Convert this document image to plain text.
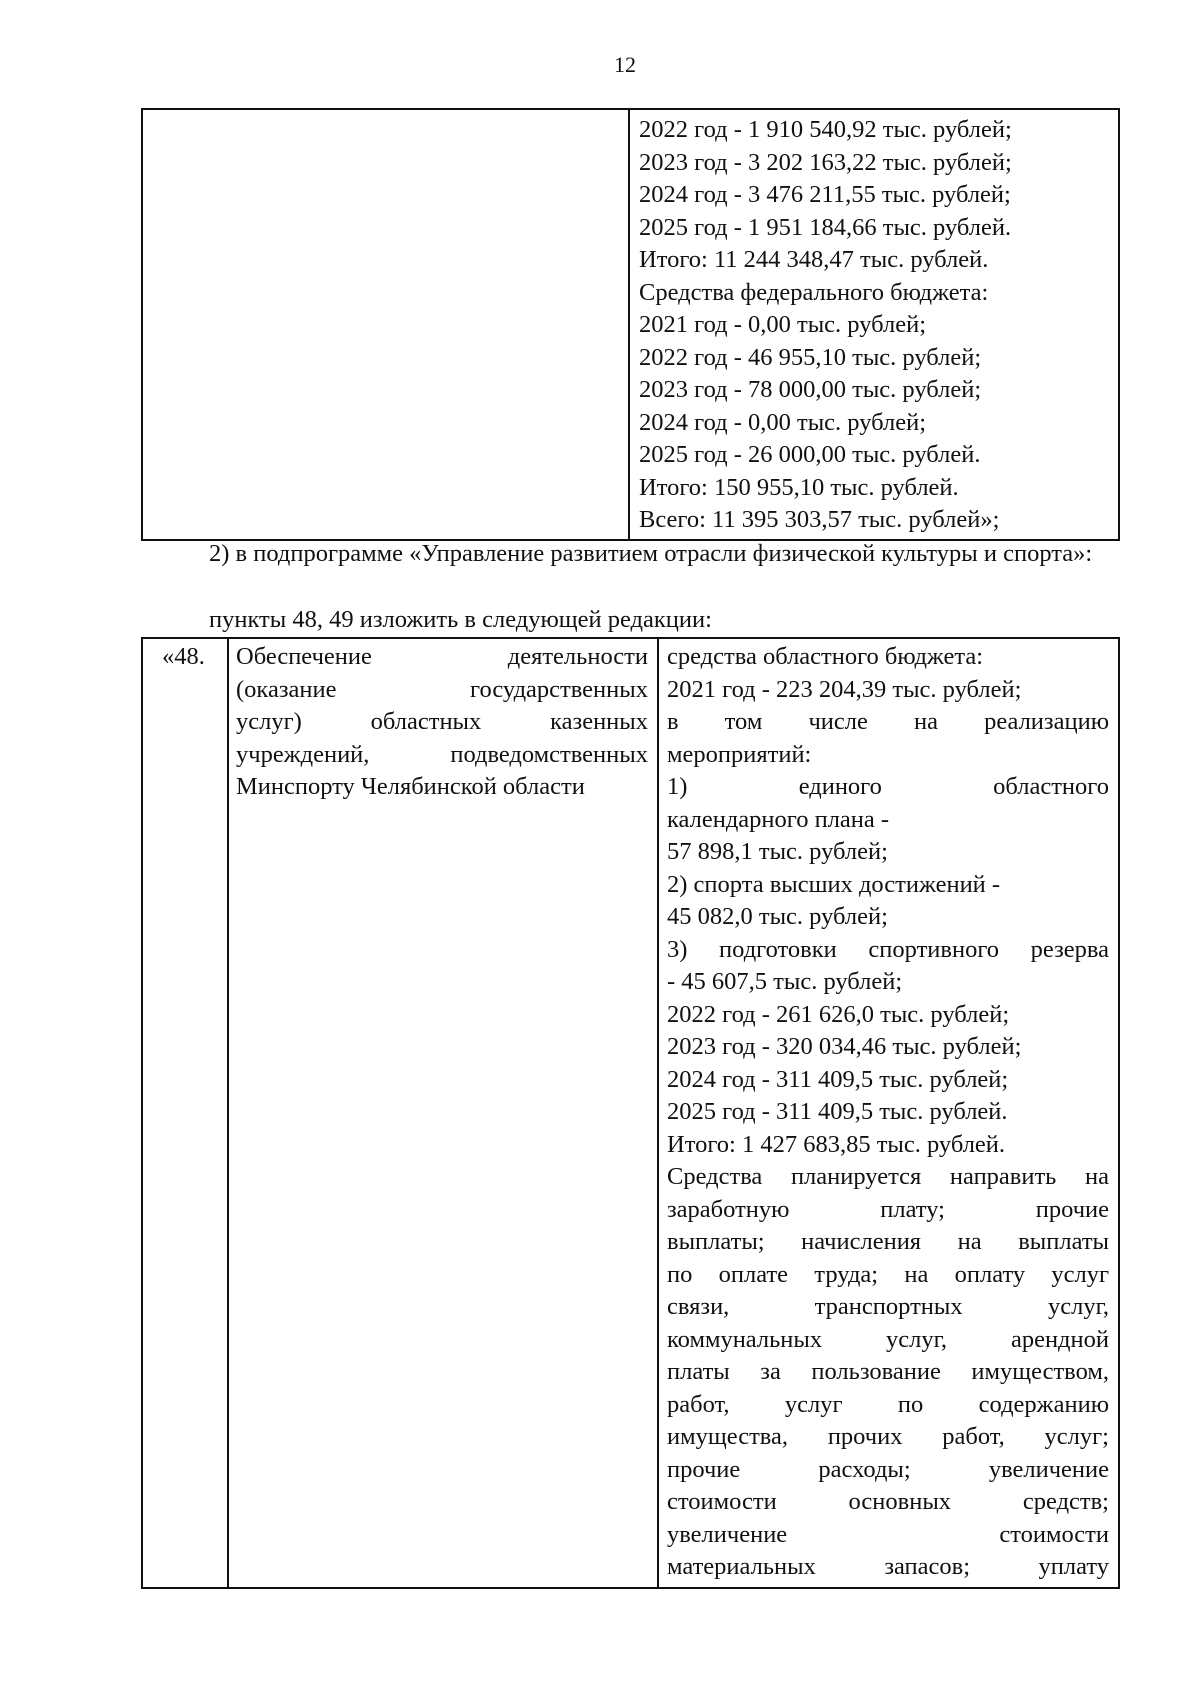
12
2022 год - 1 910 540,92 тыс. рублей;
2023 год - 3 202 163,22 тыс. рублей;
2024 год - 3 476 211,55 тыс. рублей;
2025 год - 1 951 184,66 тыс. рублей.
Итого: 11 244 348,47 тыс. рублей.
Средства федерального бюджета:
2021 год - 0,00 тыс. рублей;
2022 год - 46 955,10 тыс. рублей;
2023 год - 78 000,00 тыс. рублей;
2024 год - 0,00 тыс. рублей;
2025 год - 26 000,00 тыс. рублей.
Итого: 150 955,10 тыс. рублей.
Всего: 11 395 303,57 тыс. рублей»;
2) в подпрограмме «Управление развитием отрасли физической культуры и спорта»:
пункты 48, 49 изложить в следующей редакции:
«48. Обеспечение деятельности
(оказание государственных
услуг) областных казенных
учреждений, подведомственных
Минспорту Челябинской области
средства областного бюджета:
2021 год - 223 204,39 тыс. рублей;
в том числе на реализацию
мероприятий:
1) единого областного
календарного плана -
57 898,1 тыс. рублей;
2) спорта высших достижений -
45 082,0 тыс. рублей;
3) подготовки спортивного резерва
- 45 607,5 тыс. рублей;
2022 год - 261 626,0 тыс. рублей;
2023 год - 320 034,46 тыс. рублей;
2024 год - 311 409,5 тыс. рублей;
2025 год - 311 409,5 тыс. рублей.
Итого: 1 427 683,85 тыс. рублей.
Средства планируется направить на
заработную плату; прочие
выплаты; начисления на выплаты
по оплате труда; на оплату услуг
связи, транспортных услуг,
коммунальных услуг, арендной
платы за пользование имуществом,
работ, услуг по содержанию
имущества, прочих работ, услуг;
прочие расходы; увеличение
стоимости основных средств;
увеличение стоимости
материальных запасов; уплату
